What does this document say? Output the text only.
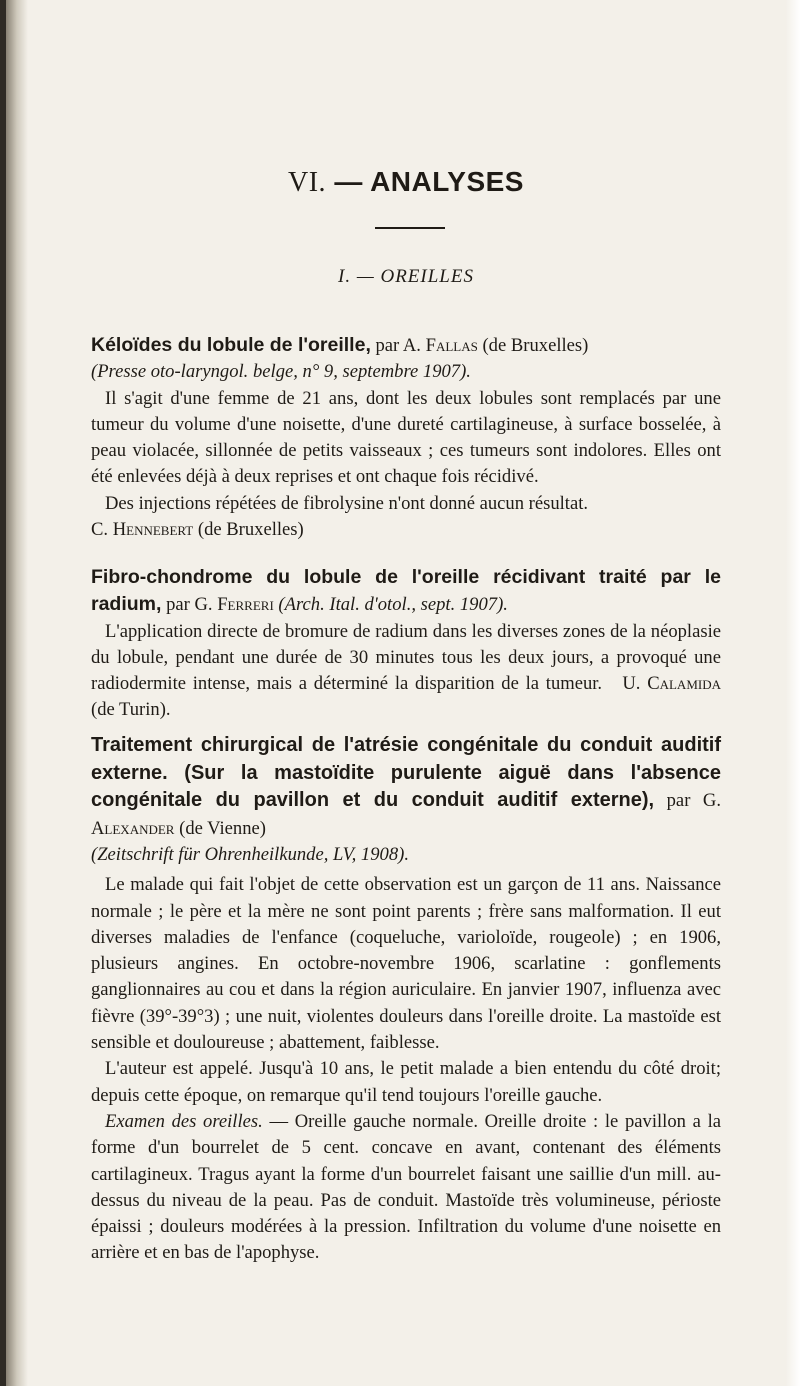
VI. — ANALYSES
I. — OREILLES

Kéloïdes du lobule de l'oreille, par A. Fallas (de Bruxelles)

(Presse oto-laryngol. belge, n° 9, septembre 1907).

Il s'agit d'une femme de 21 ans, dont les deux lobules sont remplacés par une tumeur du volume d'une noisette, d'une dureté cartilagineuse, à surface bosselée, à peau violacée, sillonnée de petits vaisseaux ; ces tumeurs sont indolores. Elles ont été enlevées déjà à deux reprises et ont chaque fois récidivé.

Des injections répétées de fibrolysine n'ont donné aucun résultat.

C. Hennebert (de Bruxelles)

Fibro-chondrome du lobule de l'oreille récidivant traité par le radium, par G. Ferreri (Arch. Ital. d'otol., sept. 1907).

L'application directe de bromure de radium dans les diverses zones de la néoplasie du lobule, pendant une durée de 30 minutes tous les deux jours, a provoqué une radiodermite intense, mais a déterminé la disparition de la tumeur. U. Calamida (de Turin).

Traitement chirurgical de l'atrésie congénitale du conduit auditif externe. (Sur la mastoïdite purulente aiguë dans l'absence congénitale du pavillon et du conduit auditif externe), par G. Alexander (de Vienne)

(Zeitschrift für Ohrenheilkunde, LV, 1908).

Le malade qui fait l'objet de cette observation est un garçon de 11 ans. Naissance normale ; le père et la mère ne sont point parents ; frère sans malformation. Il eut diverses maladies de l'enfance (coqueluche, varioloïde, rougeole) ; en 1906, plusieurs angines. En octobre-novembre 1906, scarlatine : gonflements ganglionnaires au cou et dans la région auriculaire. En janvier 1907, influenza avec fièvre (39°-39°3) ; une nuit, violentes douleurs dans l'oreille droite. La mastoïde est sensible et douloureuse ; abattement, faiblesse.

L'auteur est appelé. Jusqu'à 10 ans, le petit malade a bien entendu du côté droit; depuis cette époque, on remarque qu'il tend toujours l'oreille gauche.

Examen des oreilles. — Oreille gauche normale. Oreille droite : le pavillon a la forme d'un bourrelet de 5 cent. concave en avant, contenant des éléments cartilagineux. Tragus ayant la forme d'un bourrelet faisant une saillie d'un mill. au-dessus du niveau de la peau. Pas de conduit. Mastoïde très volumineuse, périoste épaissi ; douleurs modérées à la pression. Infiltration du volume d'une noisette en arrière et en bas de l'apophyse.
